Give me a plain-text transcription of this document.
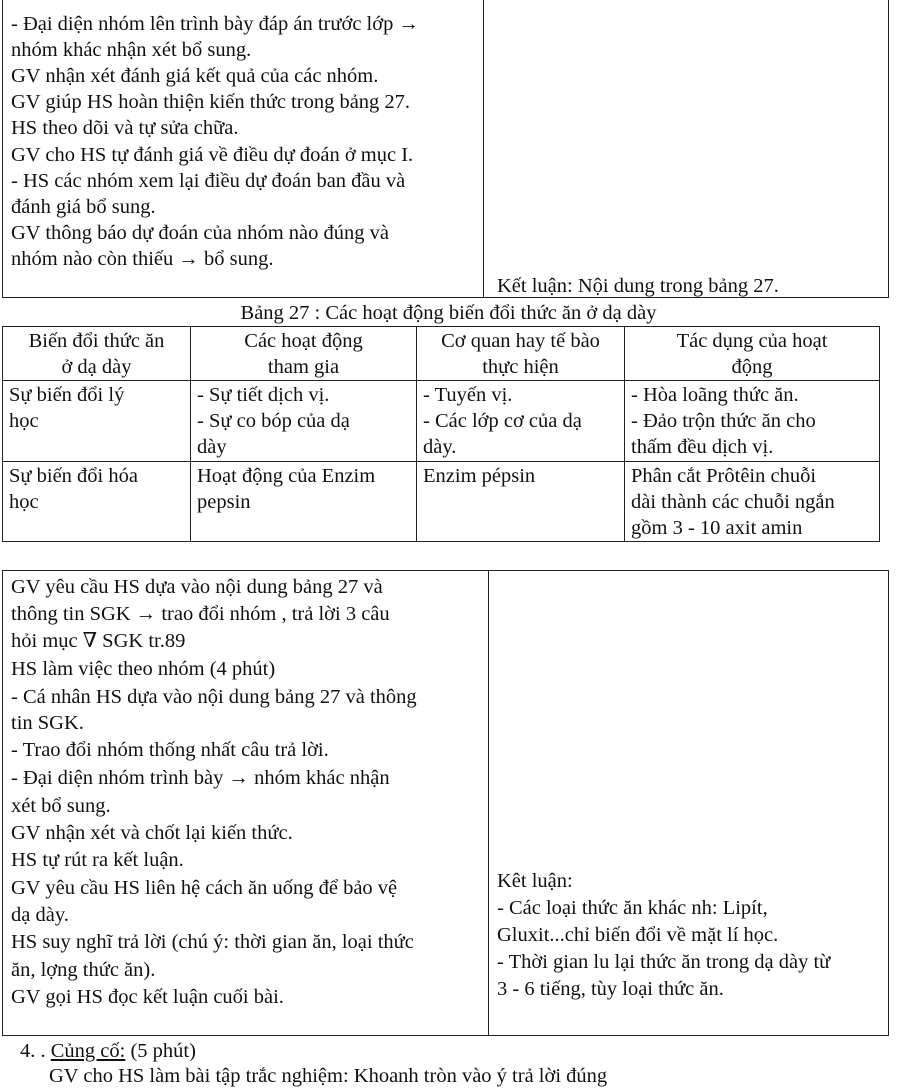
- Đại diện nhóm lên trình bày đáp án trước lớp →
nhóm khác nhận xét bổ sung.
GV nhận xét đánh giá kết quả của các nhóm.
GV giúp HS hoàn thiện kiến thức trong bảng 27.
HS theo dõi và tự sửa chữa.
GV cho HS tự đánh giá về điều dự đoán ở mục I.
- HS các nhóm xem lại điều dự đoán ban đầu và
đánh giá bổ sung.
GV thông báo dự đoán của nhóm nào đúng và
nhóm nào còn thiếu → bổ sung.
Kết luận: Nội dung trong bảng 27.
Bảng 27 : Các hoạt động biến đổi thức ăn ở dạ dày
Biến đổi thức ăn
ở dạ dày	Các hoạt động
tham gia	Cơ quan hay tế bào
thực hiện	Tác dụng của hoạt
động

Sự biến đổi lý
học	- Sự tiết dịch vị.
- Sự co bóp của dạ
dày	- Tuyến vị.
- Các lớp cơ của dạ
dày.	- Hòa loãng thức ăn.
- Đảo trộn thức ăn cho
thấm đều dịch vị.

Sự biến đổi hóa
học	Hoạt động của Enzim
pepsin	Enzim pépsin	Phân cắt Prôtêin chuỗi
dài thành các chuỗi ngắn
gồm 3 - 10 axit amin
GV yêu cầu HS dựa vào nội dung bảng 27 và
thông tin SGK → trao đổi nhóm , trả lời 3 câu
hỏi mục ∇ SGK tr.89
HS làm việc theo nhóm (4 phút)
- Cá nhân HS dựa vào nội dung bảng 27 và thông
tin SGK.
- Trao đổi nhóm thống nhất câu trả lời.
- Đại diện nhóm trình bày → nhóm khác nhận
xét bổ sung.
GV nhận xét và chốt lại kiến thức.
HS tự rút ra kết luận.
GV yêu cầu HS liên hệ cách ăn uống để bảo vệ
dạ dày.
HS suy nghĩ trả lời (chú ý: thời gian ăn, loại thức
ăn, lợng thức ăn).
GV gọi HS đọc kết luận cuối bài.
Kêt luận:
- Các loại thức ăn khác nh: Lipít,
Gluxit...chỉ biến đổi về mặt lí học.
- Thời gian lu lại thức ăn trong dạ dày từ
3 - 6 tiếng, tùy loại thức ăn.
4. . Củng cố: (5 phút)
GV cho HS làm bài tập trắc nghiệm: Khoanh tròn vào ý trả lời đúng
